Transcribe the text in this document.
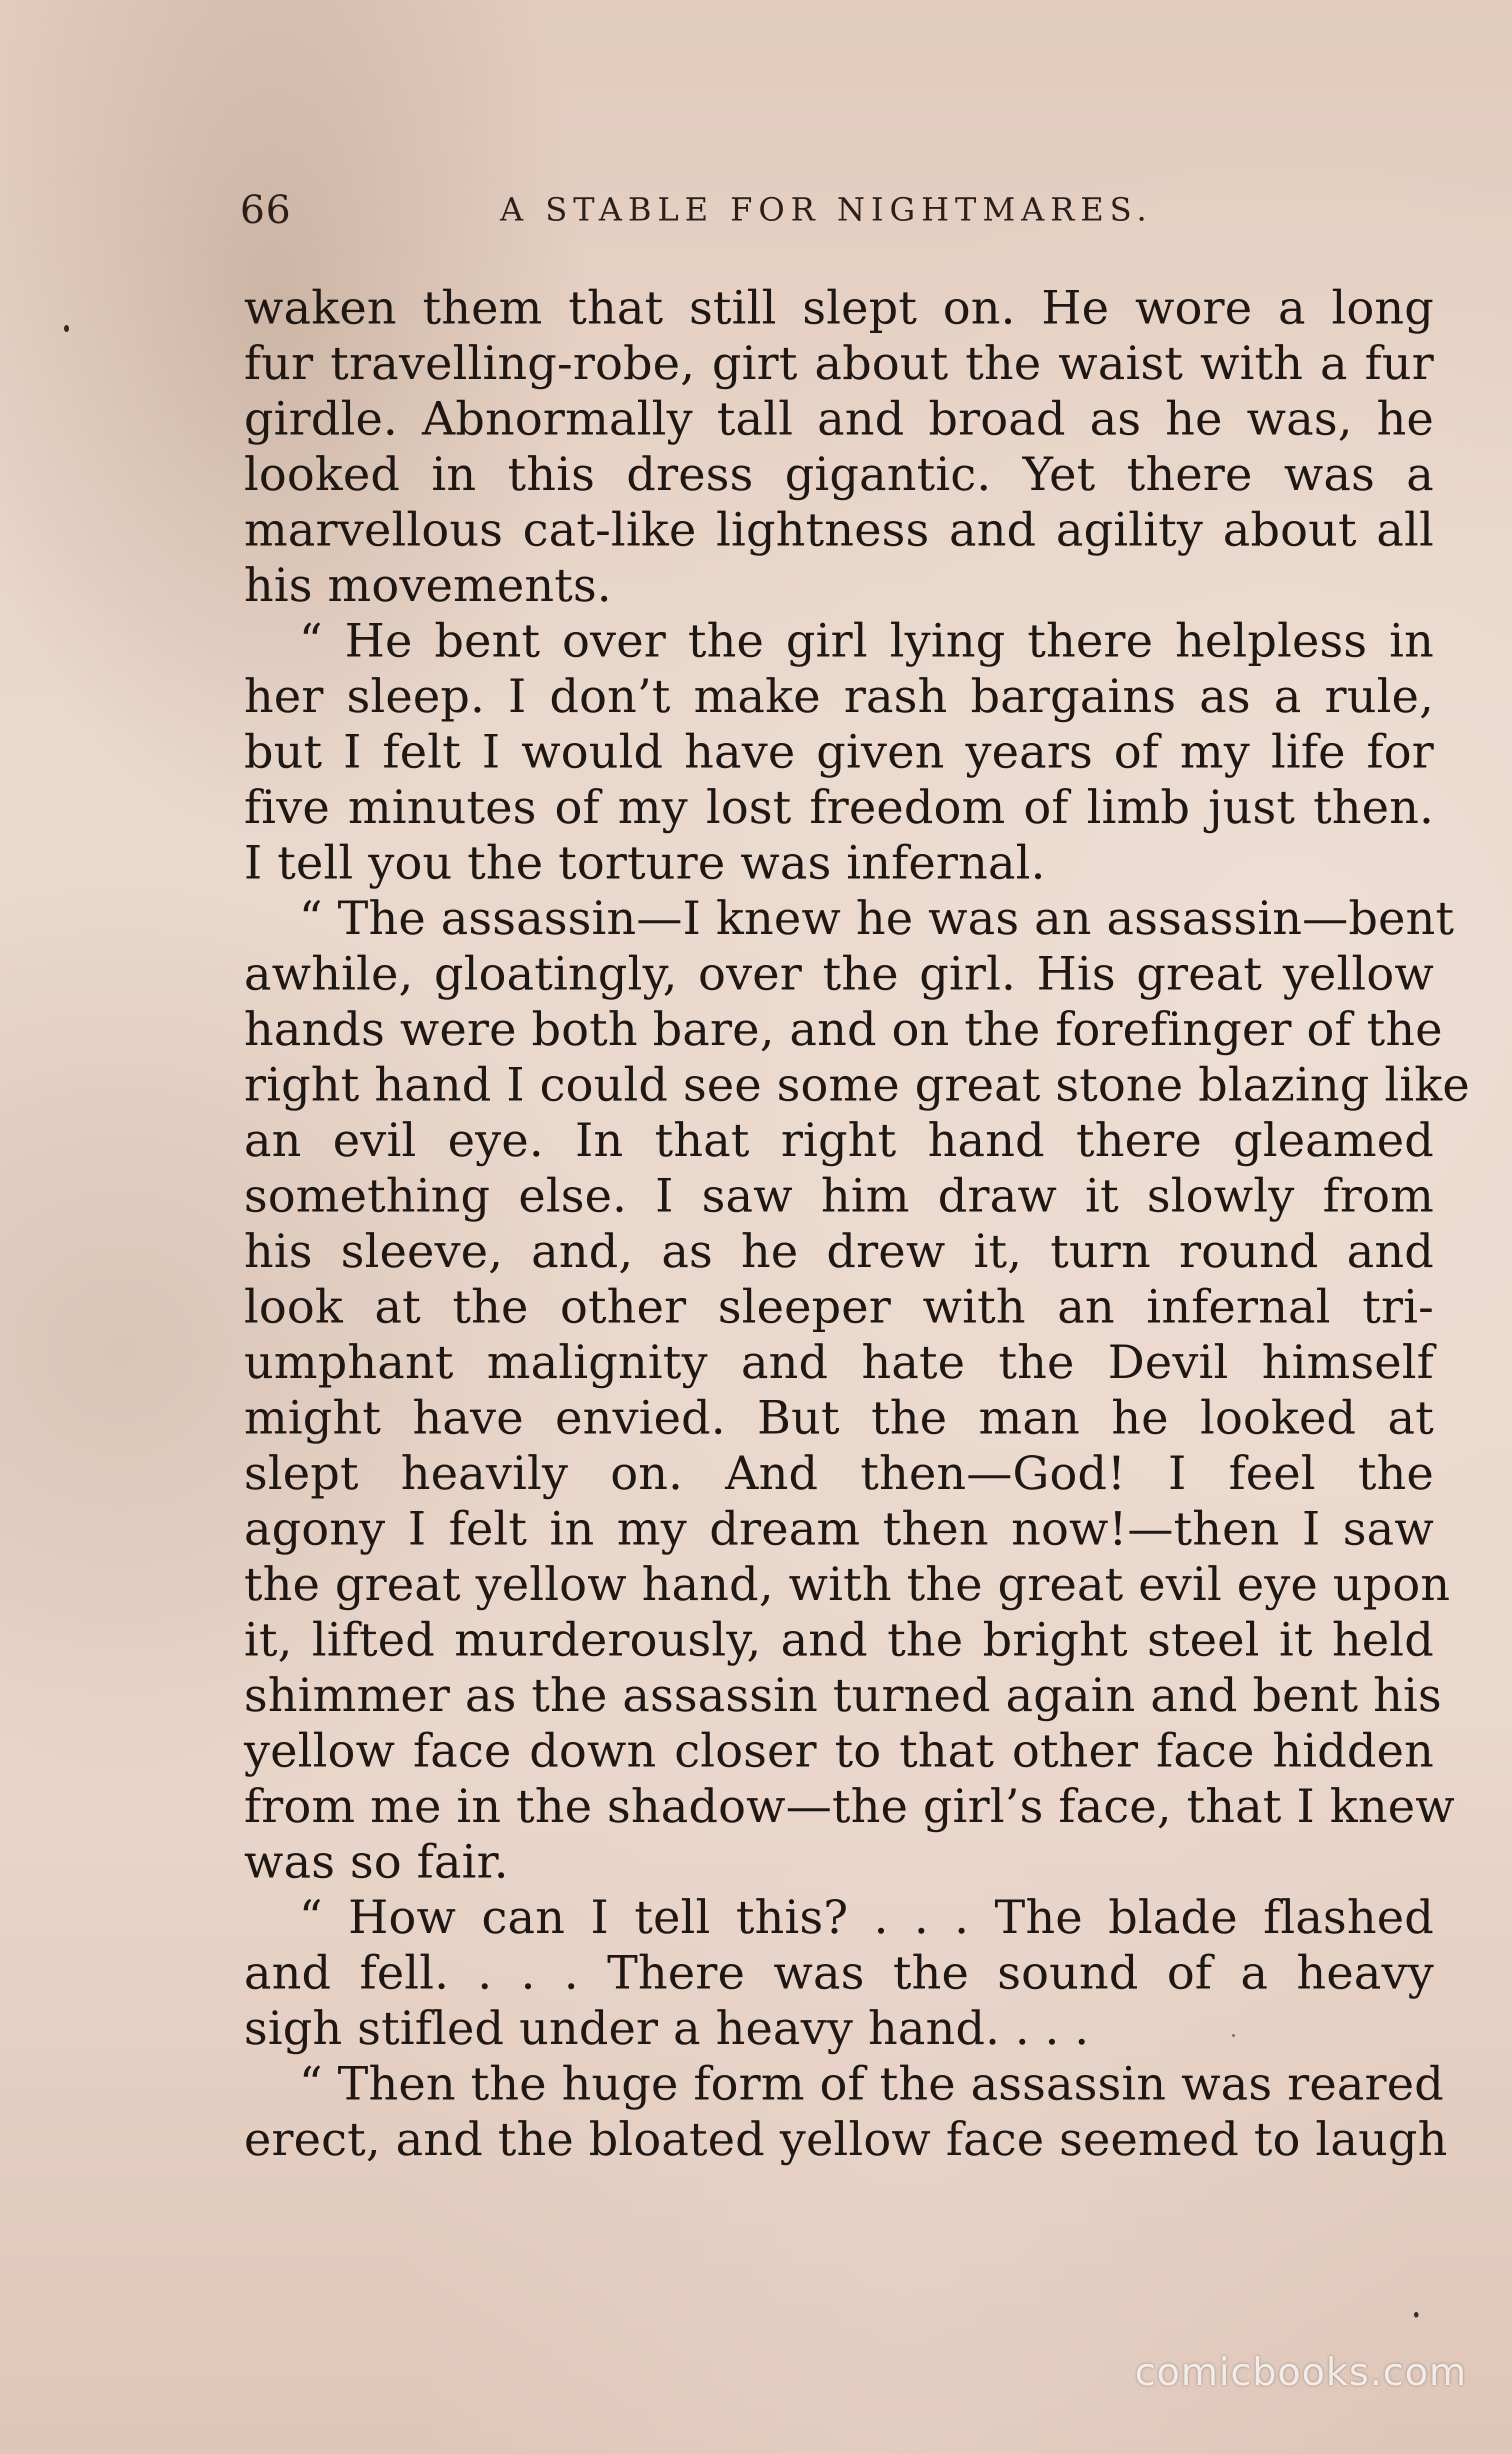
66	A STABLE FOR NIGHTMARES.
waken them that still slept on. He wore a long
fur travelling-robe, girt about the waist with a fur
girdle. Abnormally tall and broad as he was, he
looked in this dress gigantic. Yet there was a
marvellous cat-like lightness and agility about all
his movements.
“ He bent over the girl lying there helpless in
her sleep. I don’t make rash bargains as a rule,
but I felt I would have given years of my life for
five minutes of my lost freedom of limb just then.
I tell you the torture was infernal.
“ The assassin—I knew he was an assassin—bent
awhile, gloatingly, over the girl. His great yellow
hands were both bare, and on the forefinger of the
right hand I could see some great stone blazing like
an evil eye. In that right hand there gleamed
something else. I saw him draw it slowly from
his sleeve, and, as he drew it, turn round and
look at the other sleeper with an infernal tri-
umphant malignity and hate the Devil himself
might have envied. But the man he looked at
slept heavily on. And then—God! I feel the
agony I felt in my dream then now!—then I saw
the great yellow hand, with the great evil eye upon
it, lifted murderously, and the bright steel it held
shimmer as the assassin turned again and bent his
yellow face down closer to that other face hidden
from me in the shadow—the girl’s face, that I knew
was so fair.
“ How can I tell this? . . . The blade flashed
and fell. . . . There was the sound of a heavy
sigh stifled under a heavy hand. . . .
“ Then the huge form of the assassin was reared
erect, and the bloated yellow face seemed to laugh
comicbooks.com
